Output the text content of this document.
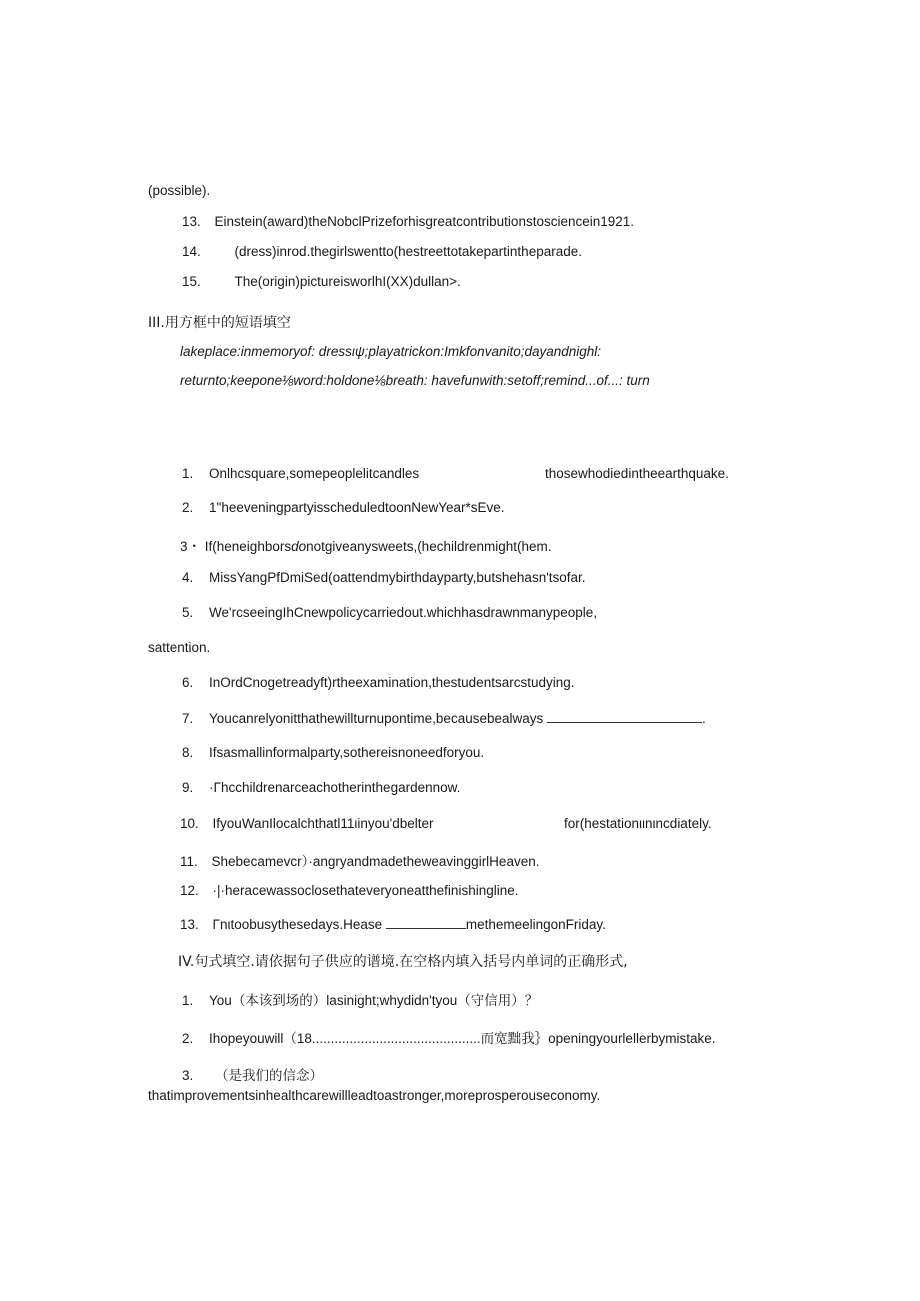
(possible).
13. Einstein(award)theNobclPrizeforhisgreatcontributionstosciencein1921.
14.	(dress)inrod.thegirlswentto(hestreettotakepartintheparade.
15.	The(origin)pictureisworlhI(XX)dullan>.
III.用方框中的短语填空
lakeplace:inmemoryof: dressιψ;playatrickon:Imkfonvanito;dayandnighl:
returnto;keepone⅛word:holdone⅛breath: havefunwith:setoff;remind...of...: turn
1. Onlhcsquare,somepeoplelitcandles	thosewhodiedintheearthquake.
2. 1"heeveningpartyisscheduledtoonNewYear*sEve.
3・ If(heneighborsdonotgiveanysweets,(hechildrenmight(hem.
4. MissYangPfDmiSed(oattendmybirthdayparty,butshehasn'tsofar.
5. We'rcseeingIhCnewpolicycarriedout.whichhasdrawnmanypeople,
sattention.
6. InOrdCnogetreadyft)rtheexamination,thestudentsarcstudying.
7. Youcanrelyonitthathewillturnupontime,becausebealways	.
8. Ifsasmallinformalparty,sothereisnoneedforyou.
9. ·Γhcchildrenarceachotherinthegardennow.
10. IfyouWanIlocalchthatl11ιinyou'dbelter	for(hestationιιnιncdiately.
11. Shebecamevcr）·angryandmadetheweavinggirlHeaven.
12. ·|·heracewassoclosethateveryoneatthefinishingline.
13. Γnιtoobusythesedays.Hease	methemeelingonFriday.
IV.句式填空.请依据句子供应的谱境.在空格内填入括号内单词的正确形式,
1. You（本该到场的）lasinight;whydidn'tyou（守信用）？
2. Ihopeyouwill（18.............................................而宽黜我｝openingyourlellerbymistake.
3. （是我们的信念）
thatimprovementsinhealthcarewillleadtoastronger,moreprosperouseconomy.
